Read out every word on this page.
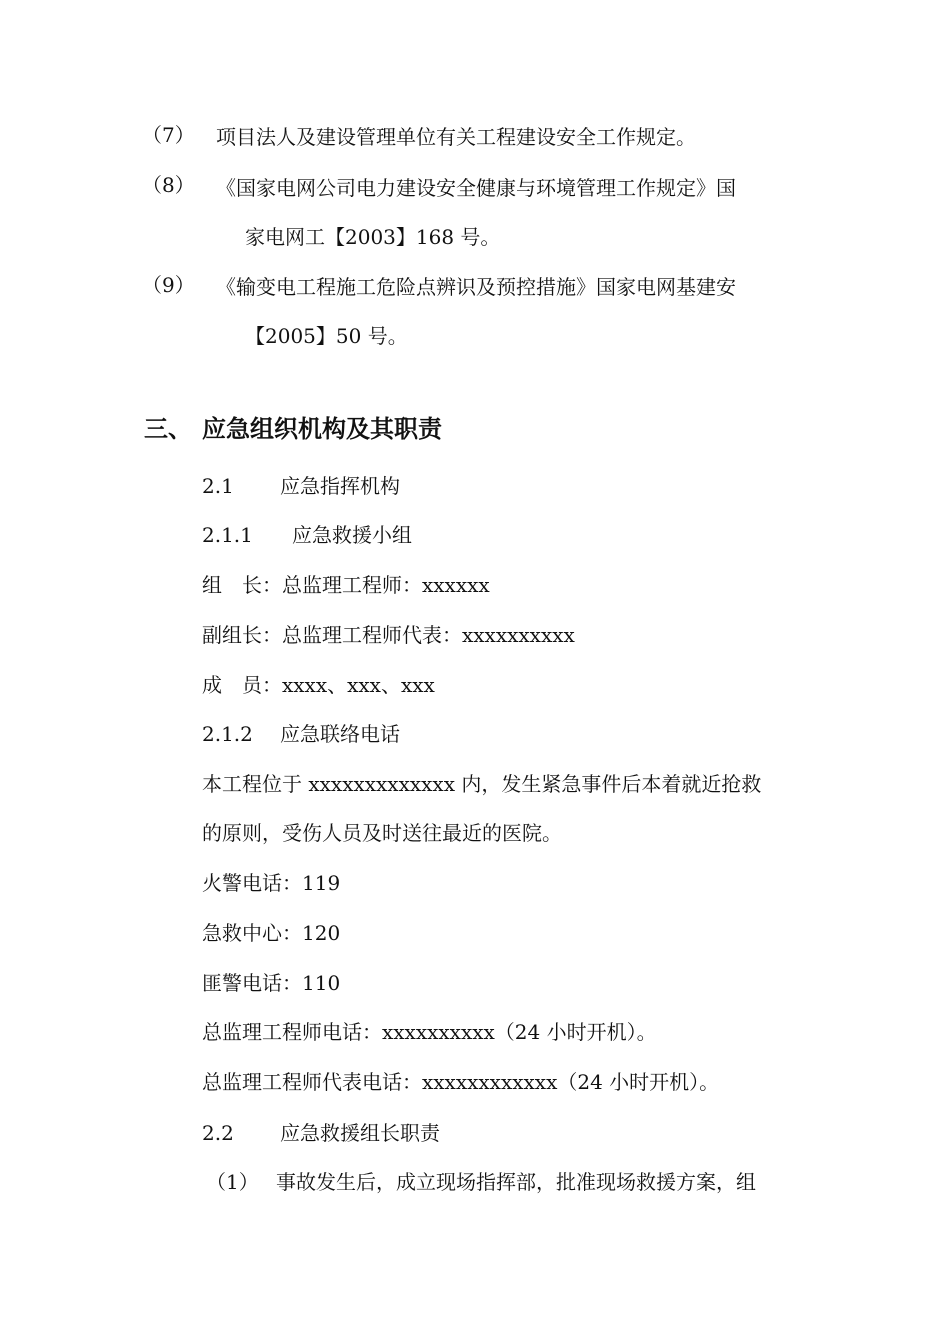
（7） 项目法人及建设管理单位有关工程建设安全工作规定。
（8） 《国家电网公司电力建设安全健康与环境管理工作规定》国
家电网工【2003】168 号。
（9） 《输变电工程施工危险点辨识及预控措施》国家电网基建安
【2005】50 号。
三、 应急组织机构及其职责
2.1 应急指挥机构
2.1.1 应急救援小组
组　长：总监理工程师：xxxxxx
副组长：总监理工程师代表：xxxxxxxxxx
成　员：xxxx、xxx、xxx
2.1.2 应急联络电话
本工程位于 xxxxxxxxxxxxx 内，发生紧急事件后本着就近抢救
的原则，受伤人员及时送往最近的医院。
火警电话：119
急救中心：120
匪警电话：110
总监理工程师电话：xxxxxxxxxx（24 小时开机）。
总监理工程师代表电话：xxxxxxxxxxxx（24 小时开机）。
2.2 应急救援组长职责
（1） 事故发生后，成立现场指挥部，批准现场救援方案，组
